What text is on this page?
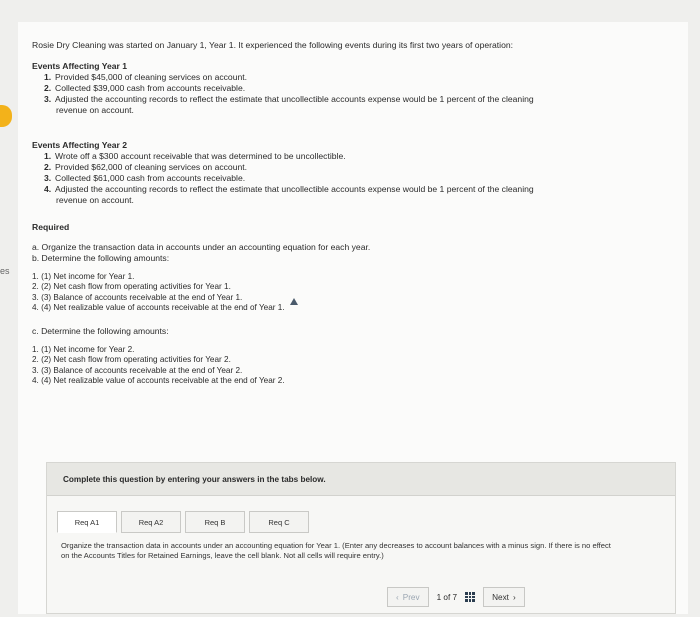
es

Rosie Dry Cleaning was started on January 1, Year 1. It experienced the following events during its first two years of operation:

Events Affecting Year 1

1. Provided $45,000 of cleaning services on account.
2. Collected $39,000 cash from accounts receivable.
3. Adjusted the accounting records to reflect the estimate that uncollectible accounts expense would be 1 percent of the cleaning
revenue on account.

Events Affecting Year 2

1. Wrote off a $300 account receivable that was determined to be uncollectible.
2. Provided $62,000 of cleaning services on account.
3. Collected $61,000 cash from accounts receivable.
4. Adjusted the accounting records to reflect the estimate that uncollectible accounts expense would be 1 percent of the cleaning
revenue on account.

Required

a. Organize the transaction data in accounts under an accounting equation for each year.
b. Determine the following amounts:
1. (1) Net income for Year 1.
2. (2) Net cash flow from operating activities for Year 1.
3. (3) Balance of accounts receivable at the end of Year 1.
4. (4) Net realizable value of accounts receivable at the end of Year 1.
c. Determine the following amounts:
1. (1) Net income for Year 2.
2. (2) Net cash flow from operating activities for Year 2.
3. (3) Balance of accounts receivable at the end of Year 2.
4. (4) Net realizable value of accounts receivable at the end of Year 2.
Complete this question by entering your answers in the tabs below.
Req A1	Req A2	Req B	Req C
Organize the transaction data in accounts under an accounting equation for Year 1. (Enter any decreases to account balances with a minus sign. If there is no effect on the Accounts Titles for Retained Earnings, leave the cell blank. Not all cells will require entry.)
‹ Prev 1 of 7	Next ›
